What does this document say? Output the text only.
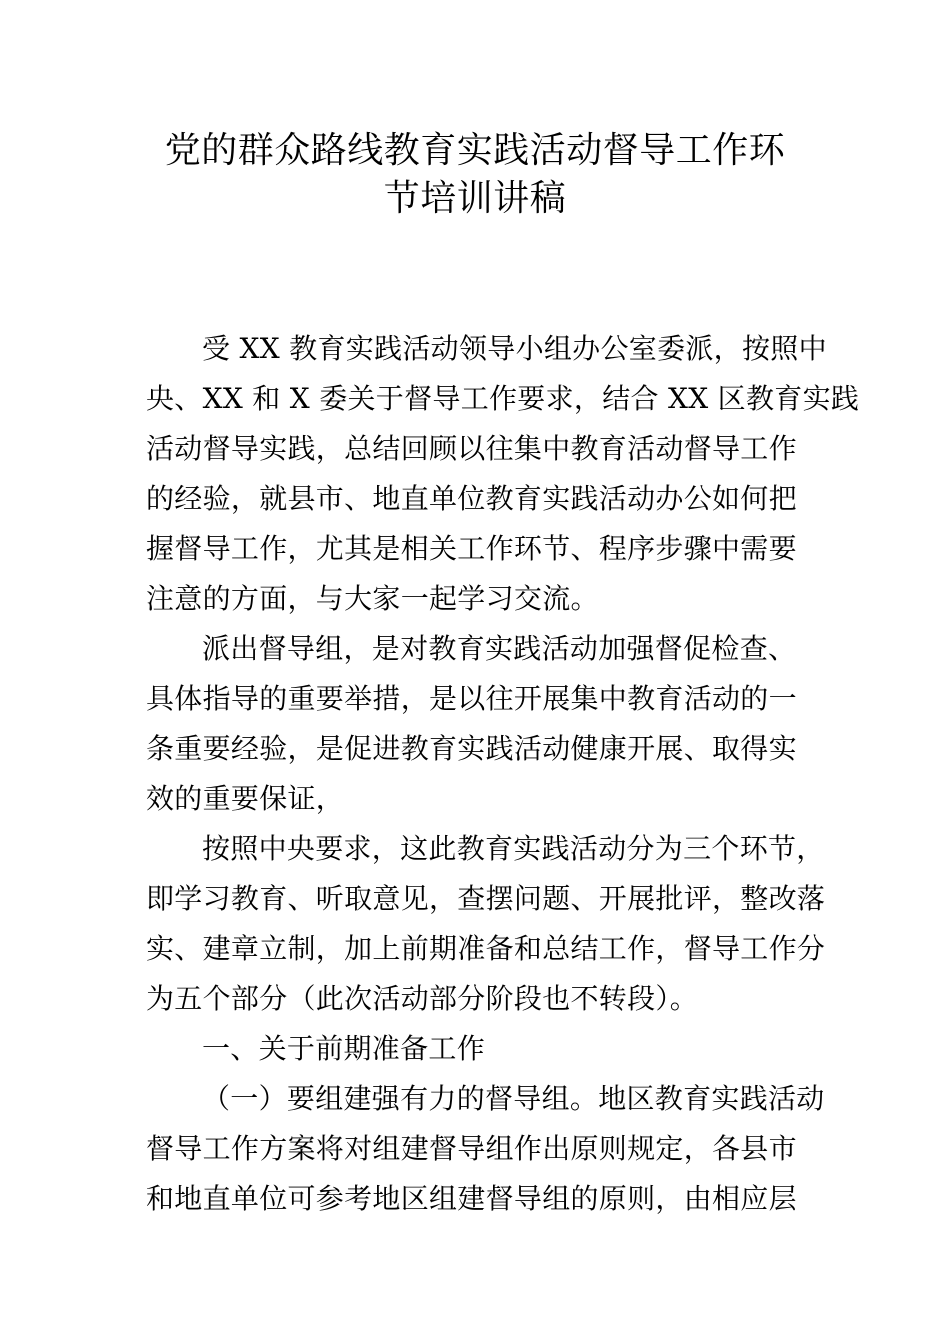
党的群众路线教育实践活动督导工作环
节培训讲稿
受 XX 教育实践活动领导小组办公室委派，按照中
央、XX 和 X 委关于督导工作要求，结合 XX 区教育实践
活动督导实践，总结回顾以往集中教育活动督导工作
的经验，就县市、地直单位教育实践活动办公如何把
握督导工作，尤其是相关工作环节、程序步骤中需要
注意的方面，与大家一起学习交流。
派出督导组，是对教育实践活动加强督促检查、
具体指导的重要举措，是以往开展集中教育活动的一
条重要经验，是促进教育实践活动健康开展、取得实
效的重要保证，
按照中央要求，这此教育实践活动分为三个环节，
即学习教育、听取意见，查摆问题、开展批评，整改落
实、建章立制，加上前期准备和总结工作，督导工作分
为五个部分（此次活动部分阶段也不转段）。
一、关于前期准备工作
（一）要组建强有力的督导组。地区教育实践活动
督导工作方案将对组建督导组作出原则规定，各县市
和地直单位可参考地区组建督导组的原则，由相应层
